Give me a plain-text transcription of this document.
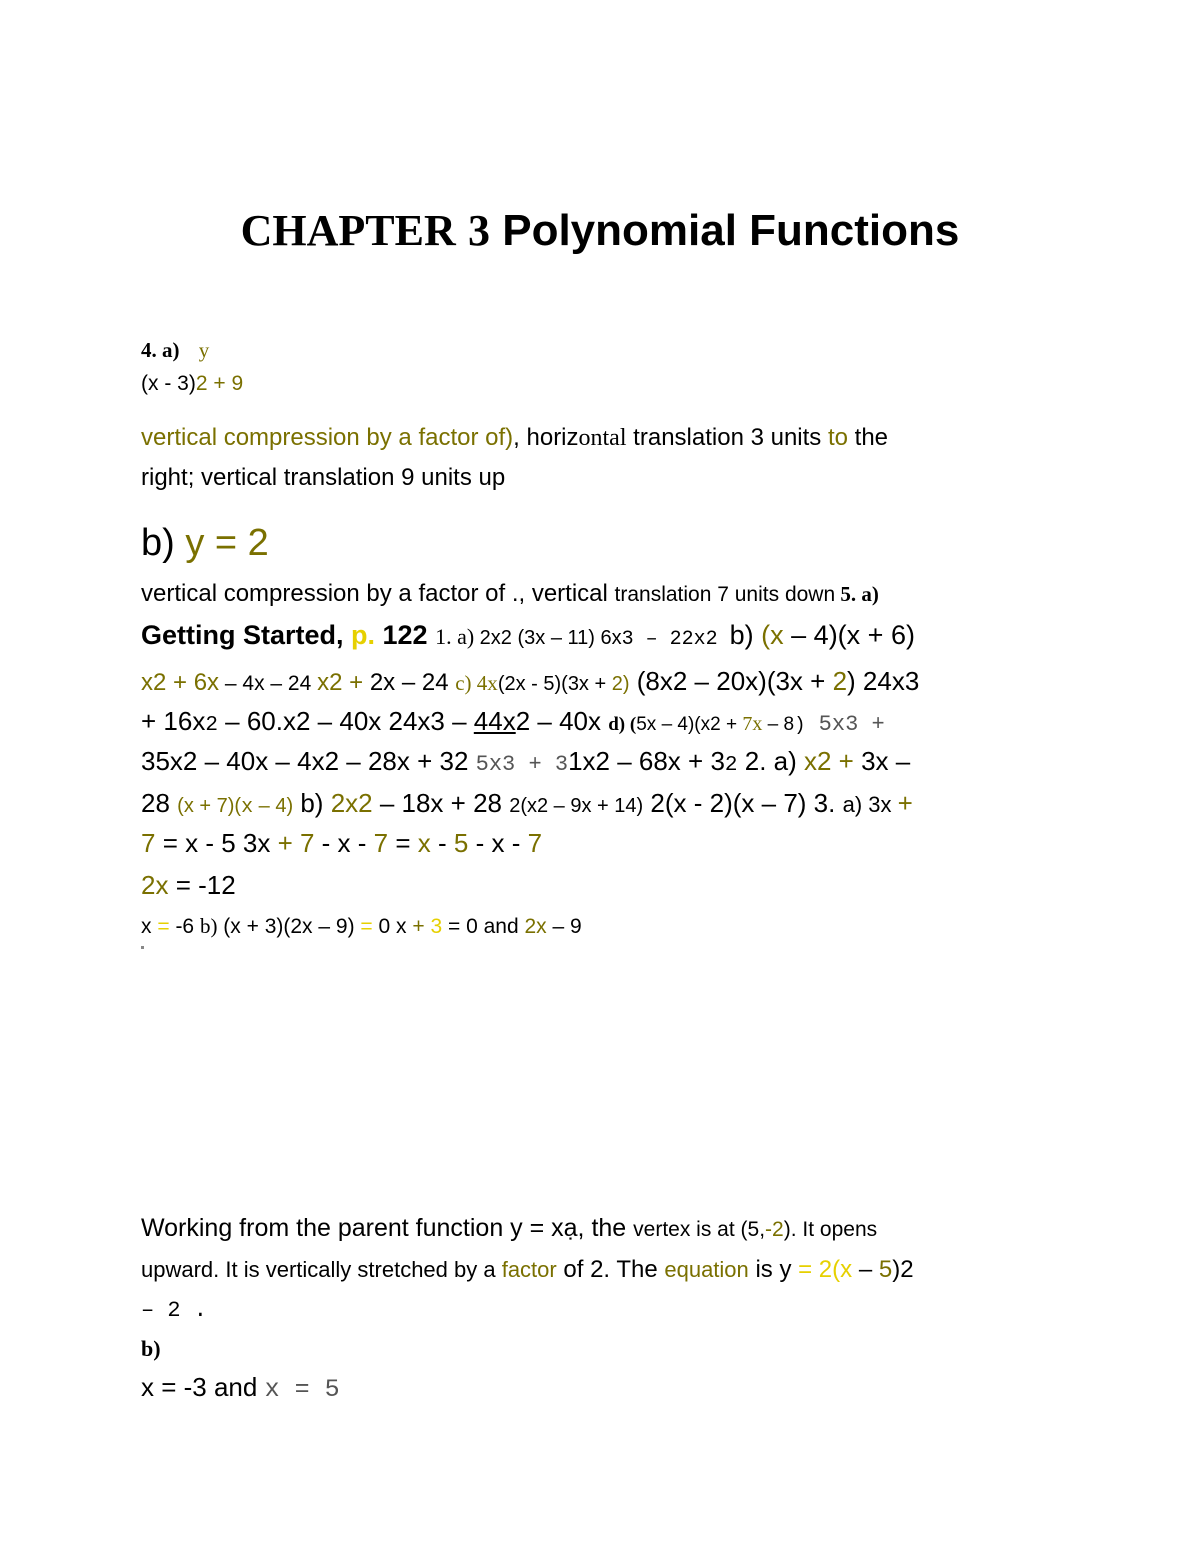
CHAPTER 3 Polynomial Functions
4. a) y
(x - 3)2 + 9
vertical compression by a factor of), horizontal translation 3 units to the
right; vertical translation 9 units up
b) y = 2
vertical compression by a factor of ., vertical translation 7 units down 5. a)
Getting Started, p. 122 1. a) 2x2 (3x – 11) 6x3 – 22x2 b) (x – 4)(x + 6)
x2 + 6x – 4x – 24 x2 + 2x – 24 c) 4x(2x - 5)(3x + 2) (8x2 – 20x)(3x + 2) 24x3
+ 16x2 – 60.x2 – 40x 24x3 – 44x2 – 40x d) (5x – 4)(x2 + 7x – 8) 5x3 +
35x2 – 40x – 4x2 – 28x + 32 5x3 + 31x2 – 68x + 32 2. a) x2 + 3x –
28 (x + 7)(x – 4) b) 2x2 – 18x + 28 2(x2 – 9x + 14) 2(x - 2)(x – 7) 3. a) 3x +
7 = x - 5 3x + 7 - x - 7 = x - 5 - x - 7
2x = -12
x = -6 b) (x + 3)(2x – 9) = 0 x + 3 = 0 and 2x – 9
Working from the parent function y = xạ, the vertex is at (5,-2). It opens
upward. It is vertically stretched by a factor of 2. The equation is y = 2(x – 5)2
– 2 .
b)
x = -3 and x = 5
